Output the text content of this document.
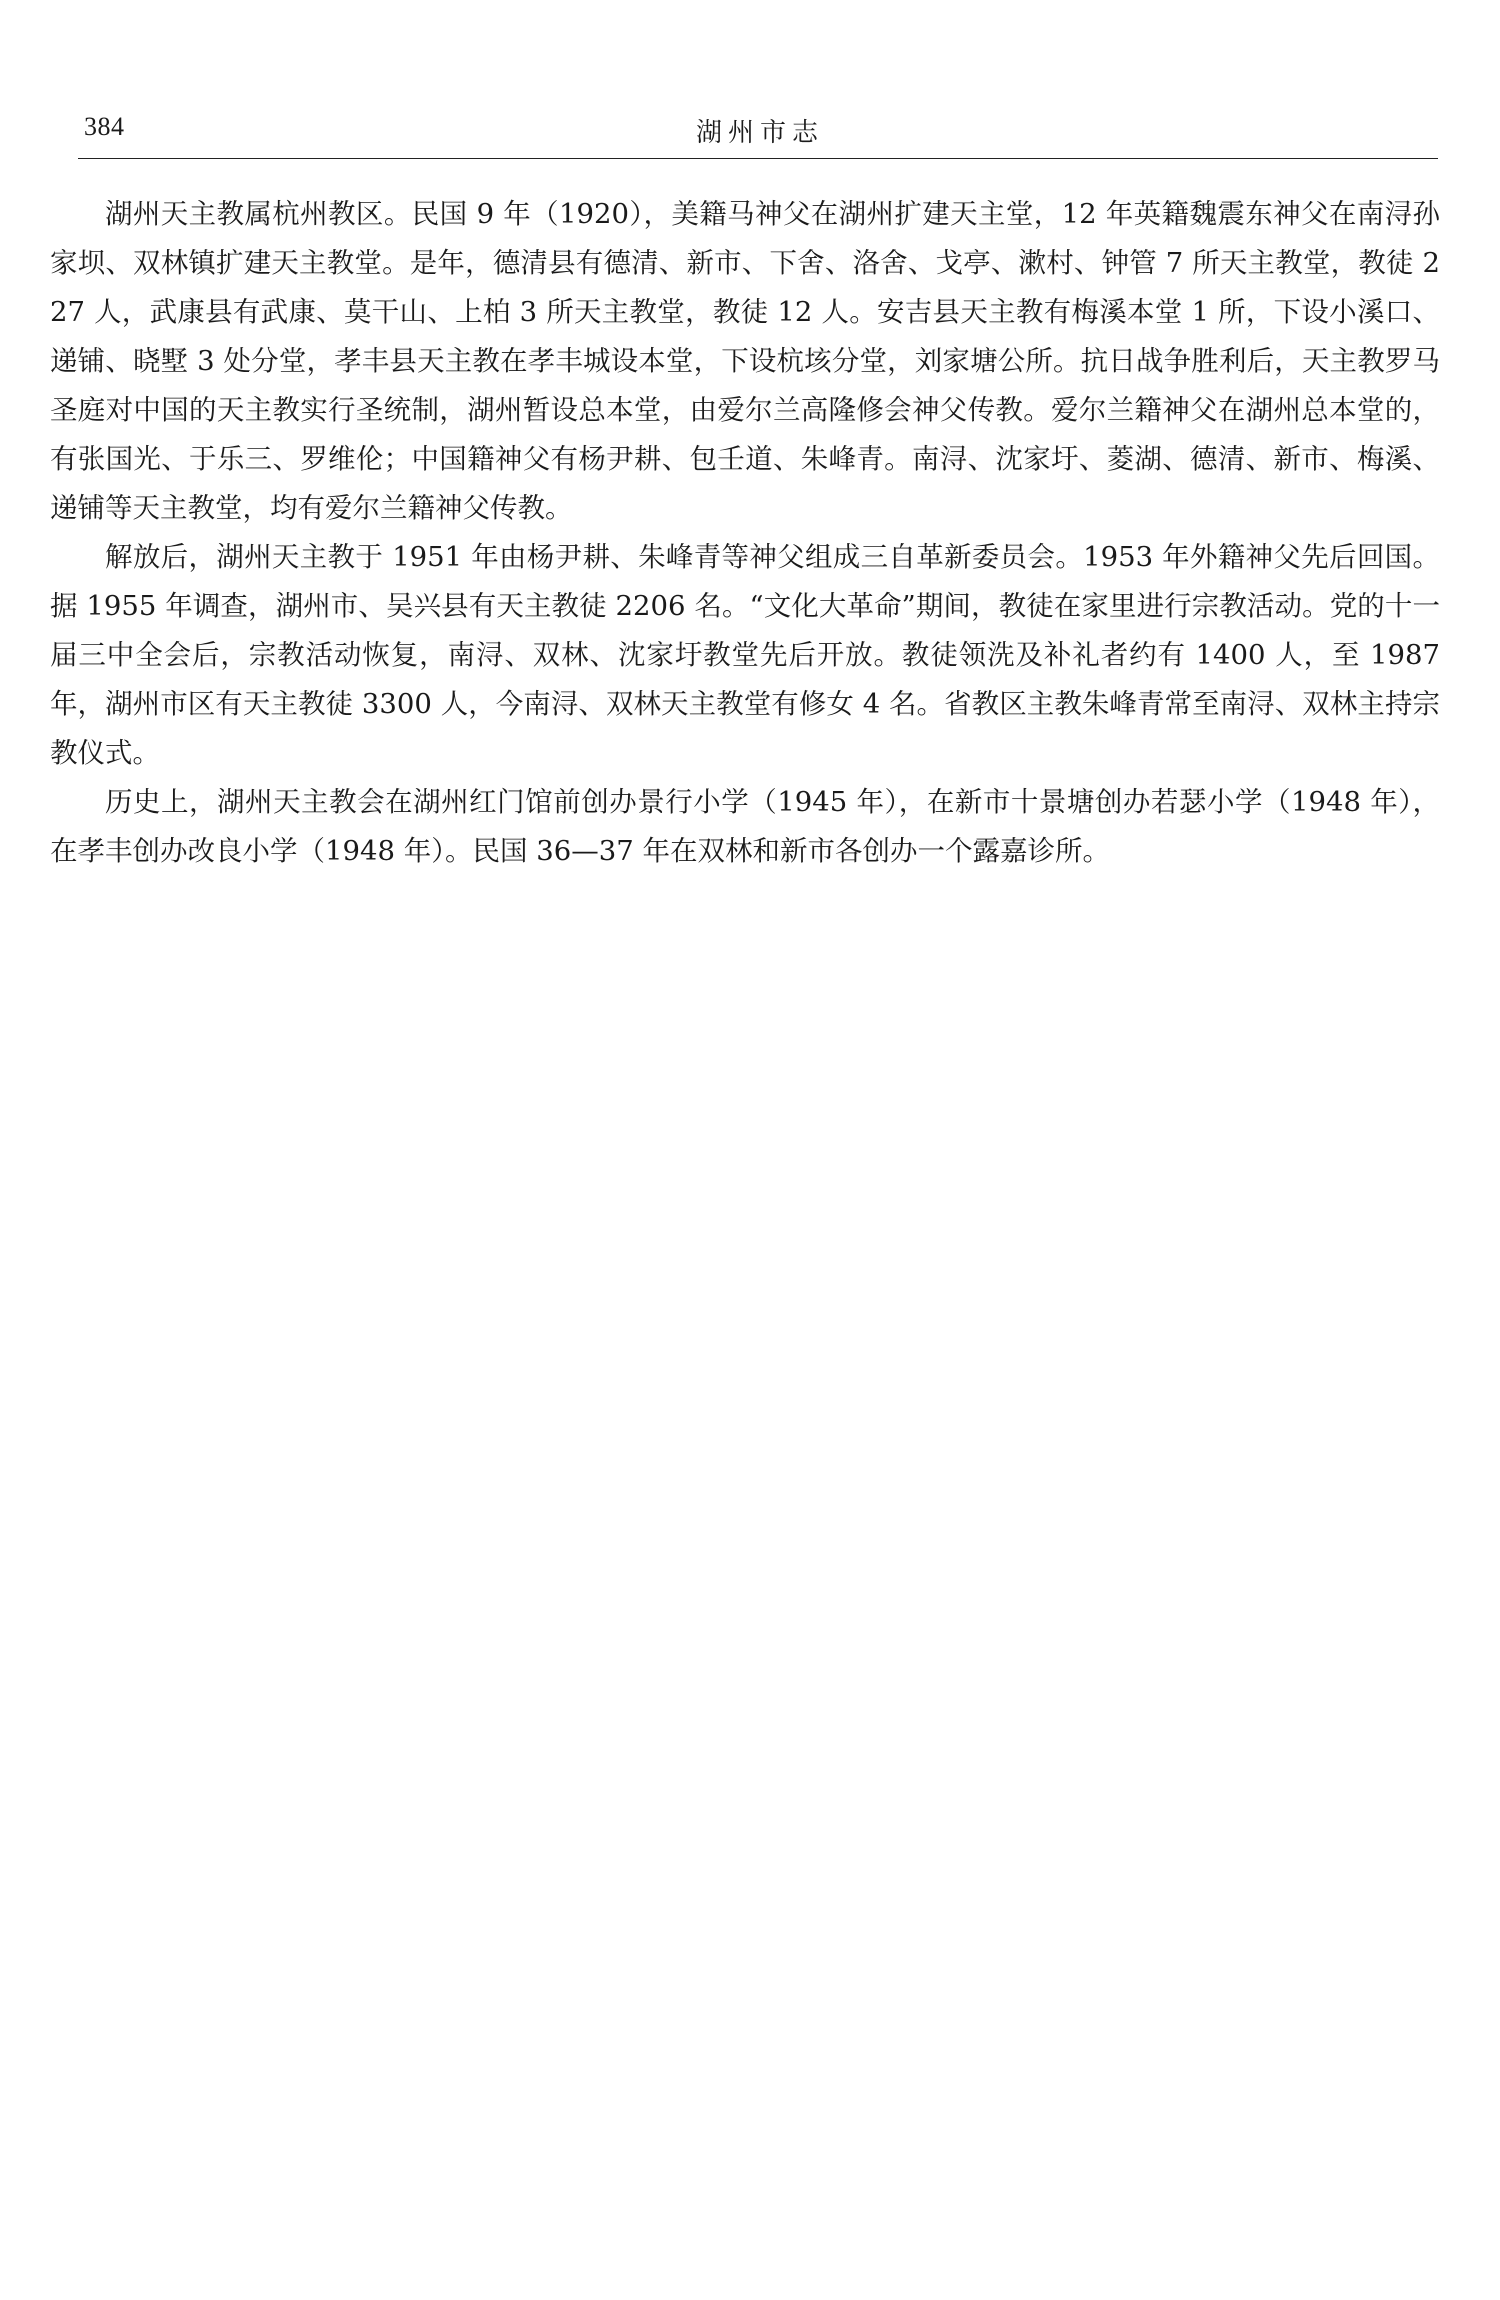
384	湖州市志

湖州天主教属杭州教区。民国 9 年（1920），美籍马神父在湖州扩建天主堂，12 年英籍魏震东神父在南浔孙家坝、双林镇扩建天主教堂。是年，德清县有德清、新市、下舍、洛舍、戈亭、漱村、钟管 7 所天主教堂，教徒 227 人，武康县有武康、莫干山、上柏 3 所天主教堂，教徒 12 人。安吉县天主教有梅溪本堂 1 所，下设小溪口、递铺、晓墅 3 处分堂，孝丰县天主教在孝丰城设本堂，下设杭垓分堂，刘家塘公所。抗日战争胜利后，天主教罗马圣庭对中国的天主教实行圣统制，湖州暂设总本堂，由爱尔兰高隆修会神父传教。爱尔兰籍神父在湖州总本堂的，有张国光、于乐三、罗维伦；中国籍神父有杨尹耕、包壬道、朱峰青。南浔、沈家圩、菱湖、德清、新市、梅溪、递铺等天主教堂，均有爱尔兰籍神父传教。

解放后，湖州天主教于 1951 年由杨尹耕、朱峰青等神父组成三自革新委员会。1953 年外籍神父先后回国。据 1955 年调查，湖州市、吴兴县有天主教徒 2206 名。“文化大革命”期间，教徒在家里进行宗教活动。党的十一届三中全会后，宗教活动恢复，南浔、双林、沈家圩教堂先后开放。教徒领洗及补礼者约有 1400 人，至 1987 年，湖州市区有天主教徒 3300 人，今南浔、双林天主教堂有修女 4 名。省教区主教朱峰青常至南浔、双林主持宗教仪式。

历史上，湖州天主教会在湖州红门馆前创办景行小学（1945 年），在新市十景塘创办若瑟小学（1948 年），在孝丰创办改良小学（1948 年）。民国 36—37 年在双林和新市各创办一个露嘉诊所。
